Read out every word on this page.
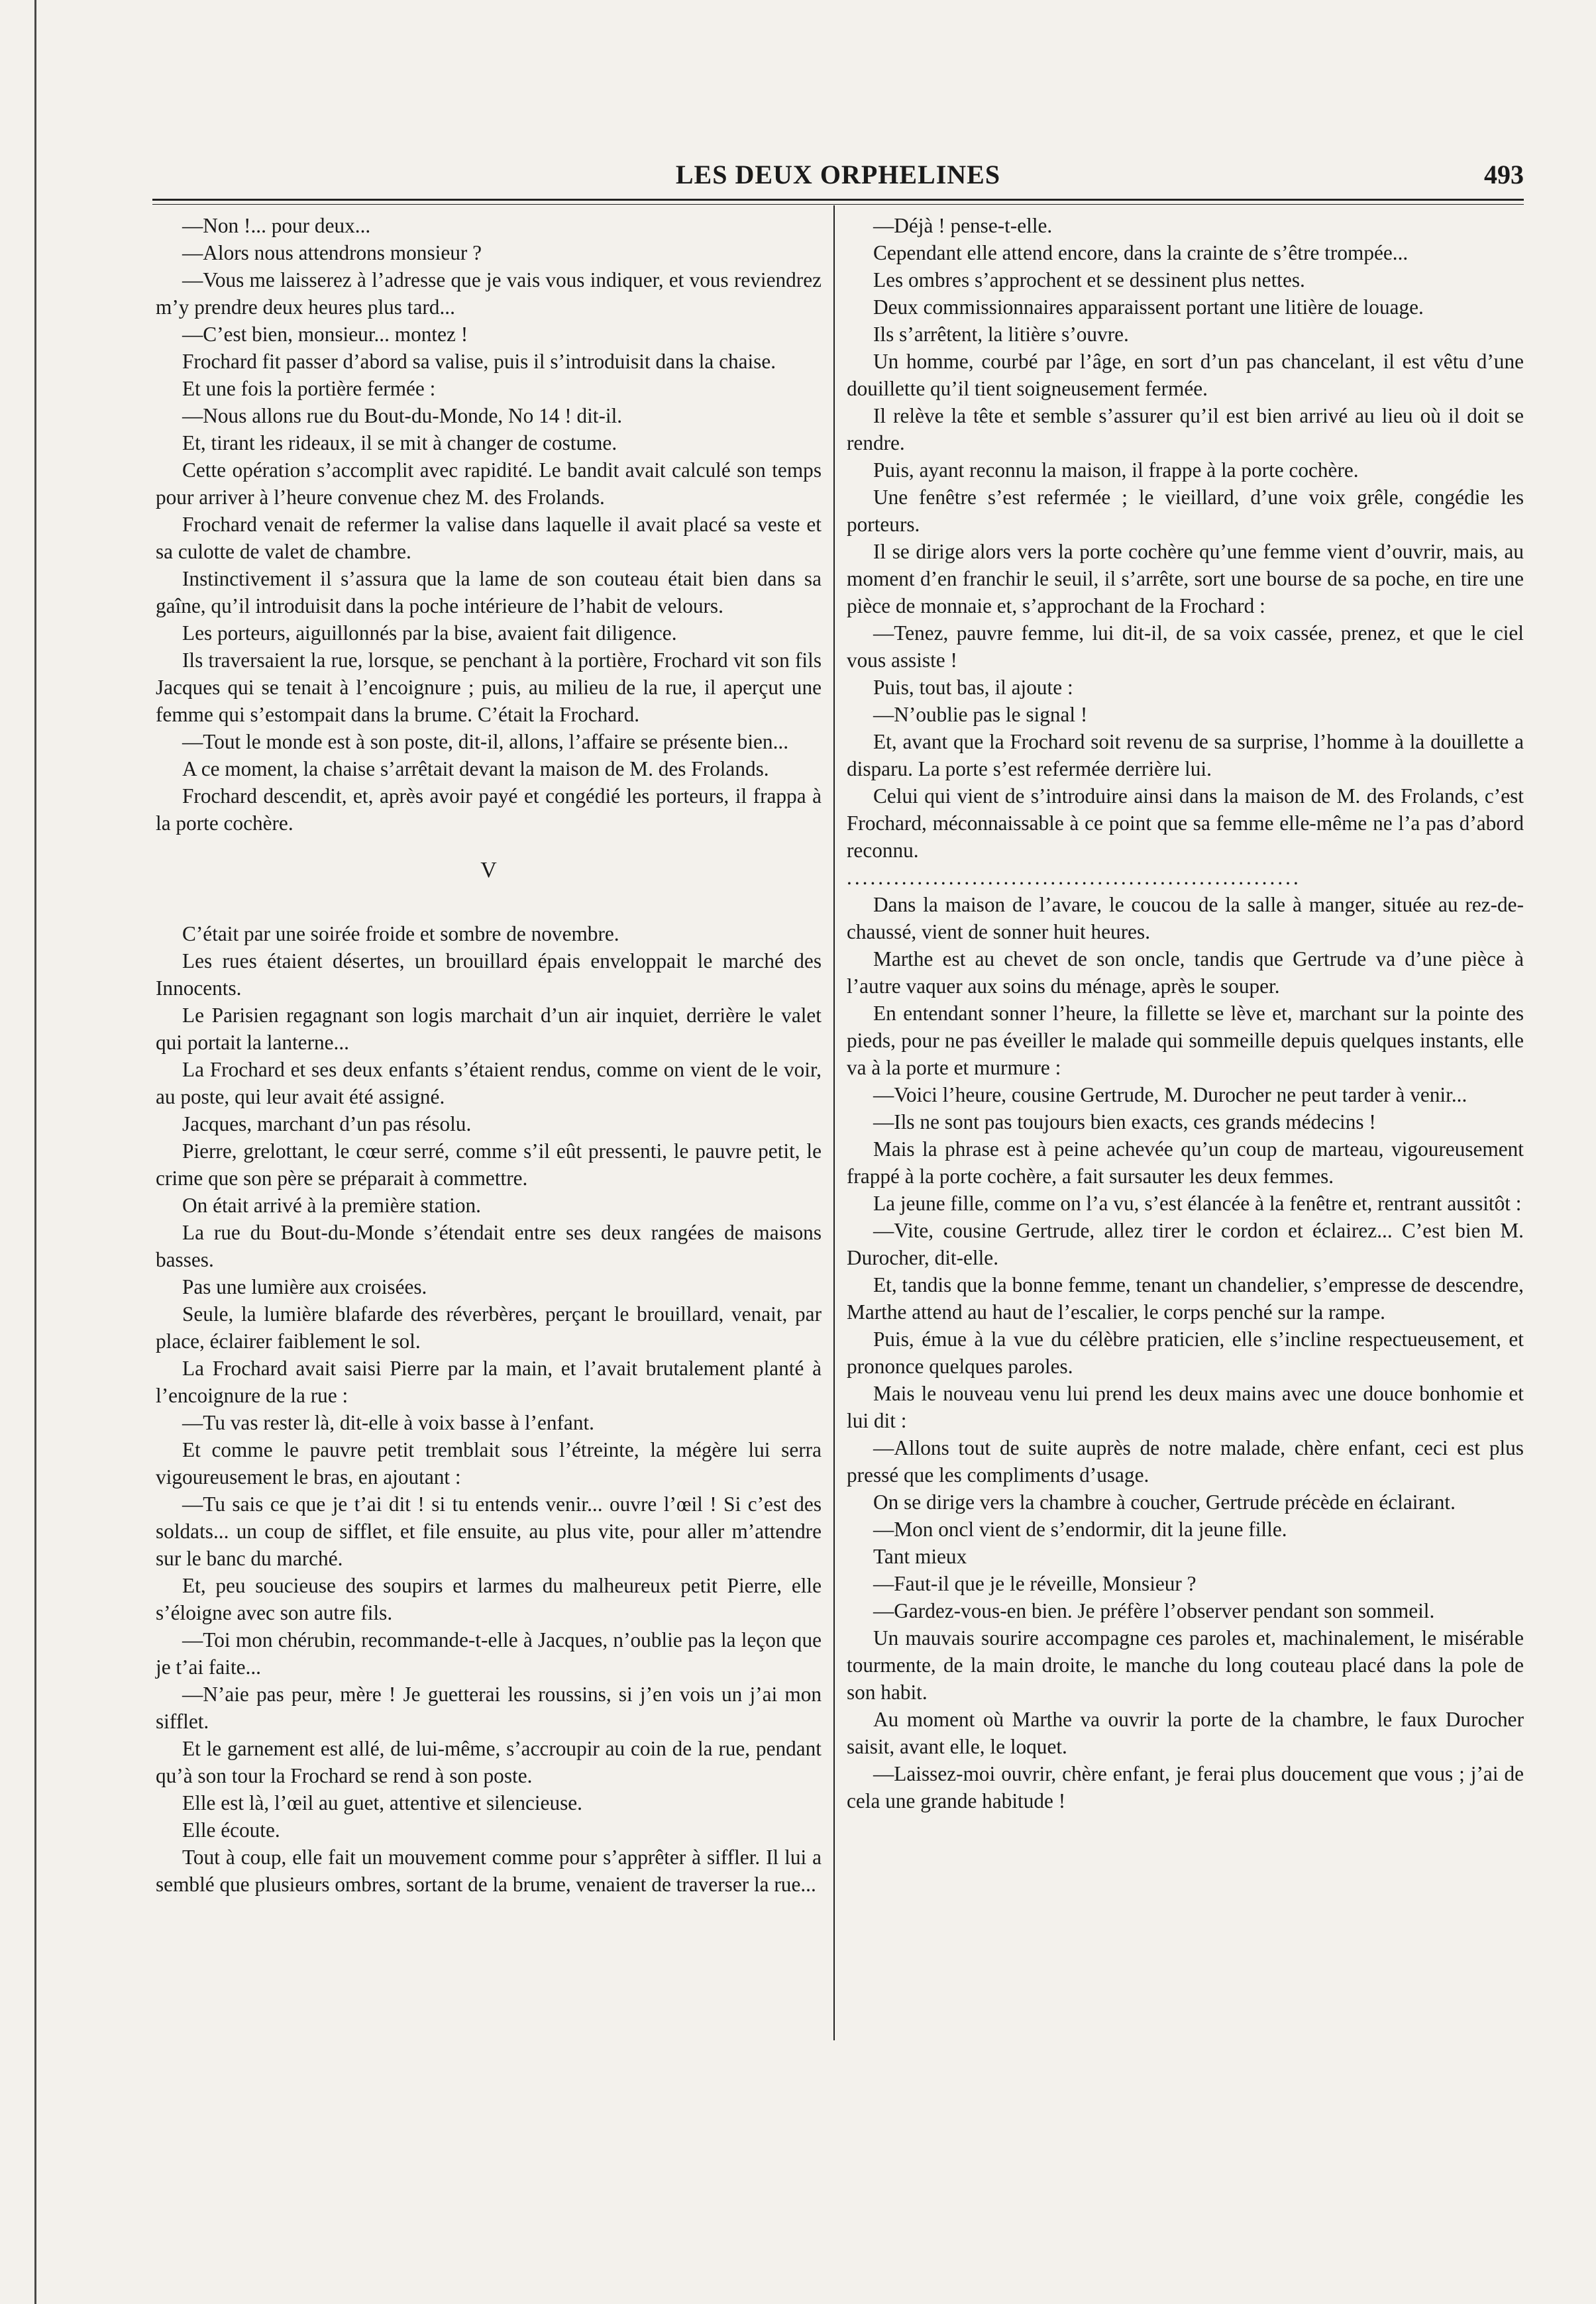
LES DEUX ORPHELINES	493

—Non !... pour deux...

—Alors nous attendrons monsieur ?

—Vous me laisserez à l’adresse que je vais vous indiquer, et vous reviendrez m’y prendre deux heures plus tard...

—C’est bien, monsieur... montez !

Frochard fit passer d’abord sa valise, puis il s’introduisit dans la chaise.

Et une fois la portière fermée :

—Nous allons rue du Bout-du-Monde, No 14 ! dit-il.

Et, tirant les rideaux, il se mit à changer de costume.

Cette opération s’accomplit avec rapidité. Le bandit avait calculé son temps pour arriver à l’heure convenue chez M. des Frolands.

Frochard venait de refermer la valise dans laquelle il avait placé sa veste et sa culotte de valet de chambre.

Instinctivement il s’assura que la lame de son couteau était bien dans sa gaîne, qu’il introduisit dans la poche intérieure de l’habit de velours.

Les porteurs, aiguillonnés par la bise, avaient fait diligence.

Ils traversaient la rue, lorsque, se penchant à la portière, Frochard vit son fils Jacques qui se tenait à l’encoignure ; puis, au milieu de la rue, il aperçut une femme qui s’estompait dans la brume. C’était la Frochard.

—Tout le monde est à son poste, dit-il, allons, l’affaire se présente bien...

A ce moment, la chaise s’arrêtait devant la maison de M. des Frolands.

Frochard descendit, et, après avoir payé et congédié les porteurs, il frappa à la porte cochère.

V

C’était par une soirée froide et sombre de novembre.

Les rues étaient désertes, un brouillard épais enveloppait le marché des Innocents.

Le Parisien regagnant son logis marchait d’un air inquiet, derrière le valet qui portait la lanterne...

La Frochard et ses deux enfants s’étaient rendus, comme on vient de le voir, au poste, qui leur avait été assigné.

Jacques, marchant d’un pas résolu.

Pierre, grelottant, le cœur serré, comme s’il eût pressenti, le pauvre petit, le crime que son père se préparait à commettre.

On était arrivé à la première station.

La rue du Bout-du-Monde s’étendait entre ses deux rangées de maisons basses.

Pas une lumière aux croisées.

Seule, la lumière blafarde des réverbères, perçant le brouillard, venait, par place, éclairer faiblement le sol.

La Frochard avait saisi Pierre par la main, et l’avait brutalement planté à l’encoignure de la rue :

—Tu vas rester là, dit-elle à voix basse à l’enfant.

Et comme le pauvre petit tremblait sous l’étreinte, la mégère lui serra vigoureusement le bras, en ajoutant :

—Tu sais ce que je t’ai dit ! si tu entends venir... ouvre l’œil ! Si c’est des soldats... un coup de sifflet, et file ensuite, au plus vite, pour aller m’attendre sur le banc du marché.

Et, peu soucieuse des soupirs et larmes du malheureux petit Pierre, elle s’éloigne avec son autre fils.

—Toi mon chérubin, recommande-t-elle à Jacques, n’oublie pas la leçon que je t’ai faite...

—N’aie pas peur, mère ! Je guetterai les roussins, si j’en vois un j’ai mon sifflet.

Et le garnement est allé, de lui-même, s’accroupir au coin de la rue, pendant qu’à son tour la Frochard se rend à son poste.

Elle est là, l’œil au guet, attentive et silencieuse.

Elle écoute.

Tout à coup, elle fait un mouvement comme pour s’apprêter à siffler. Il lui a semblé que plusieurs ombres, sortant de la brume, venaient de traverser la rue...

—Déjà ! pense-t-elle.

Cependant elle attend encore, dans la crainte de s’être trompée...

Les ombres s’approchent et se dessinent plus nettes.

Deux commissionnaires apparaissent portant une litière de louage.

Ils s’arrêtent, la litière s’ouvre.

Un homme, courbé par l’âge, en sort d’un pas chancelant, il est vêtu d’une douillette qu’il tient soigneusement fermée.

Il relève la tête et semble s’assurer qu’il est bien arrivé au lieu où il doit se rendre.

Puis, ayant reconnu la maison, il frappe à la porte cochère.

Une fenêtre s’est refermée ; le vieillard, d’une voix grêle, congédie les porteurs.

Il se dirige alors vers la porte cochère qu’une femme vient d’ouvrir, mais, au moment d’en franchir le seuil, il s’arrête, sort une bourse de sa poche, en tire une pièce de monnaie et, s’approchant de la Frochard :

—Tenez, pauvre femme, lui dit-il, de sa voix cassée, prenez, et que le ciel vous assiste !

Puis, tout bas, il ajoute :

—N’oublie pas le signal !

Et, avant que la Frochard soit revenu de sa surprise, l’homme à la douillette a disparu. La porte s’est refermée derrière lui.

Celui qui vient de s’introduire ainsi dans la maison de M. des Frolands, c’est Frochard, méconnaissable à ce point que sa femme elle-même ne l’a pas d’abord reconnu.

..........................................................

Dans la maison de l’avare, le coucou de la salle à manger, située au rez-de-chaussé, vient de sonner huit heures.

Marthe est au chevet de son oncle, tandis que Gertrude va d’une pièce à l’autre vaquer aux soins du ménage, après le souper.

En entendant sonner l’heure, la fillette se lève et, marchant sur la pointe des pieds, pour ne pas éveiller le malade qui sommeille depuis quelques instants, elle va à la porte et murmure :

—Voici l’heure, cousine Gertrude, M. Durocher ne peut tarder à venir...

—Ils ne sont pas toujours bien exacts, ces grands médecins !

Mais la phrase est à peine achevée qu’un coup de marteau, vigoureusement frappé à la porte cochère, a fait sursauter les deux femmes.

La jeune fille, comme on l’a vu, s’est élancée à la fenêtre et, rentrant aussitôt :

—Vite, cousine Gertrude, allez tirer le cordon et éclairez... C’est bien M. Durocher, dit-elle.

Et, tandis que la bonne femme, tenant un chandelier, s’empresse de descendre, Marthe attend au haut de l’escalier, le corps penché sur la rampe.

Puis, émue à la vue du célèbre praticien, elle s’incline respectueusement, et prononce quelques paroles.

Mais le nouveau venu lui prend les deux mains avec une douce bonhomie et lui dit :

—Allons tout de suite auprès de notre malade, chère enfant, ceci est plus pressé que les compliments d’usage.

On se dirige vers la chambre à coucher, Gertrude précède en éclairant.

—Mon oncl vient de s’endormir, dit la jeune fille.

Tant mieux

—Faut-il que je le réveille, Monsieur ?

—Gardez-vous-en bien. Je préfère l’observer pendant son sommeil.

Un mauvais sourire accompagne ces paroles et, machinalement, le misérable tourmente, de la main droite, le manche du long couteau placé dans la pole de son habit.

Au moment où Marthe va ouvrir la porte de la chambre, le faux Durocher saisit, avant elle, le loquet.

—Laissez-moi ouvrir, chère enfant, je ferai plus doucement que vous ; j’ai de cela une grande habitude !
